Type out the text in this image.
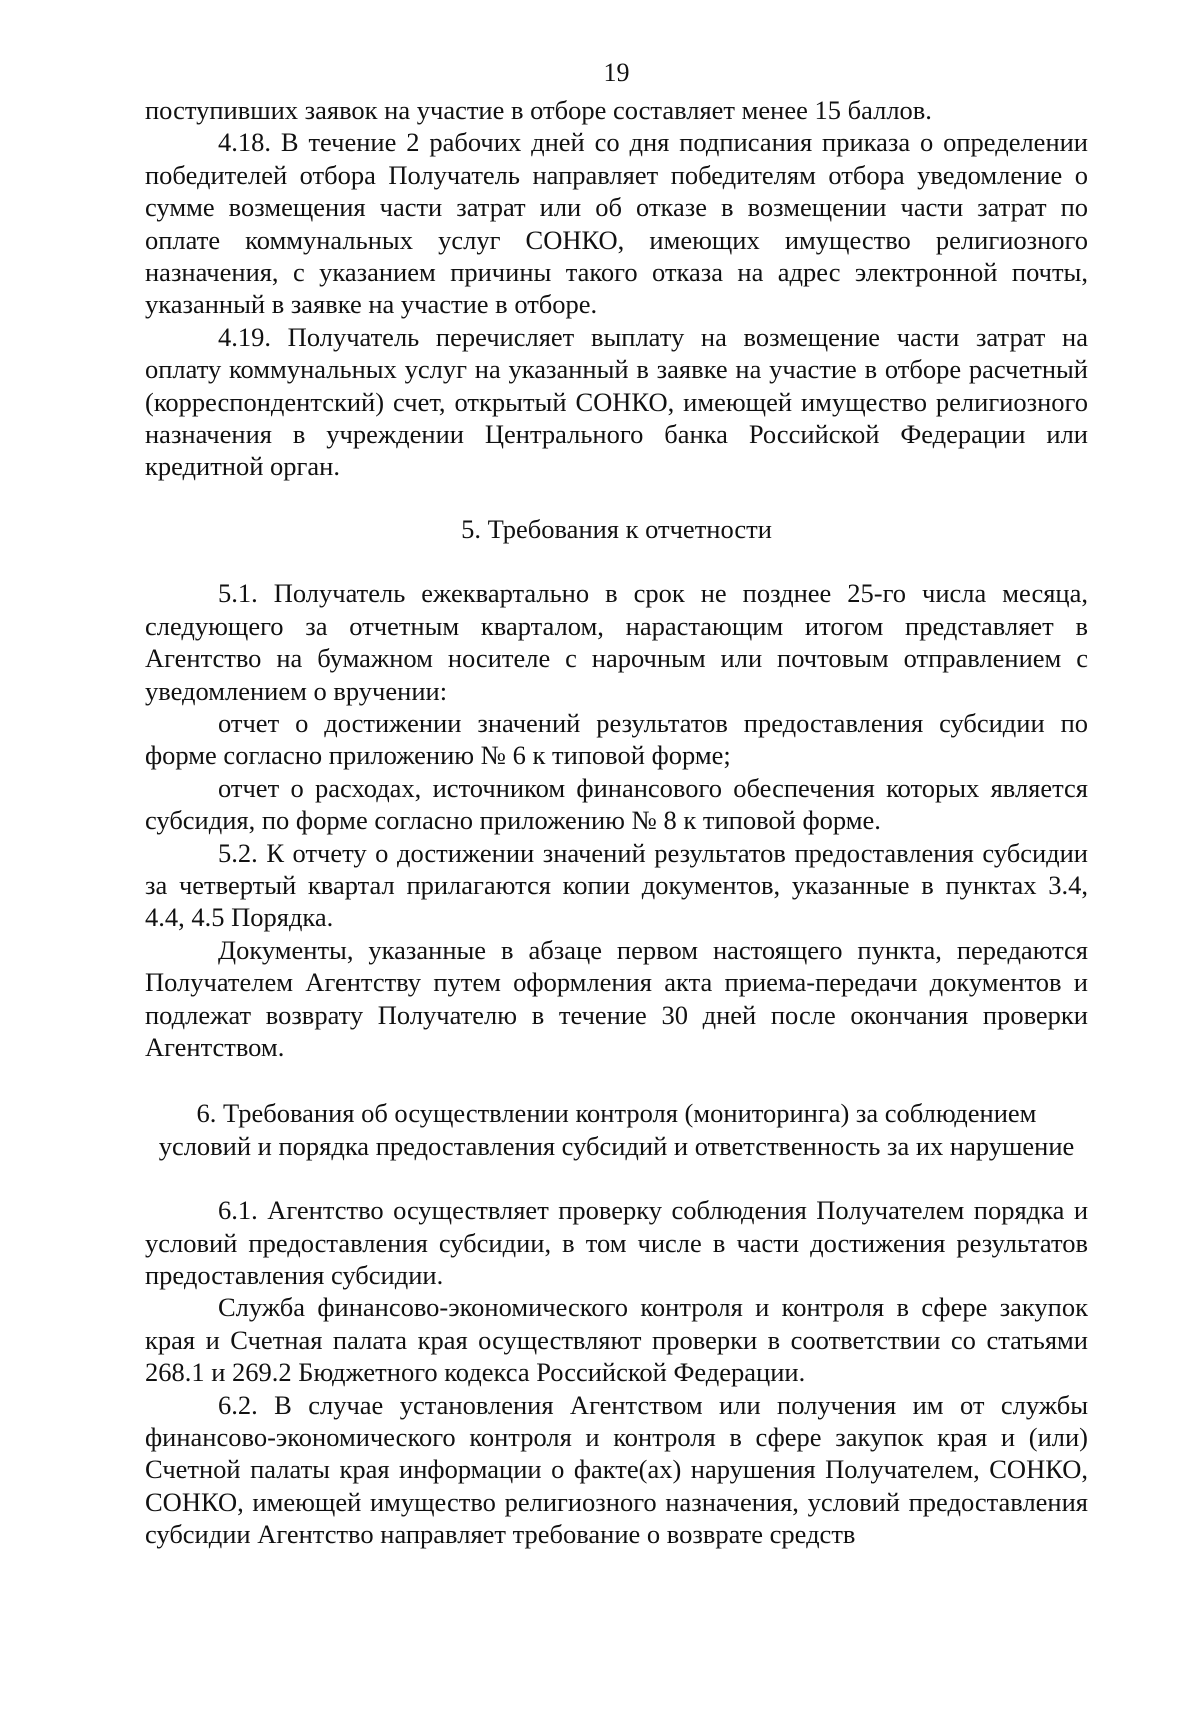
19

поступивших заявок на участие в отборе составляет менее 15 баллов.

4.18. В течение 2 рабочих дней со дня подписания приказа о определении победителей отбора Получатель направляет победителям отбора уведомление о сумме возмещения части затрат или об отказе в возмещении части затрат по оплате коммунальных услуг СОНКО, имеющих имущество религиозного назначения, с указанием причины такого отказа на адрес электронной почты, указанный в заявке на участие в отборе.

4.19. Получатель перечисляет выплату на возмещение части затрат на оплату коммунальных услуг на указанный в заявке на участие в отборе расчетный (корреспондентский) счет, открытый СОНКО, имеющей имущество религиозного назначения в учреждении Центрального банка Российской Федерации или кредитной орган.

5. Требования к отчетности

5.1. Получатель ежеквартально в срок не позднее 25-го числа месяца, следующего за отчетным кварталом, нарастающим итогом представляет в Агентство на бумажном носителе с нарочным или почтовым отправлением с уведомлением о вручении:

отчет о достижении значений результатов предоставления субсидии по форме согласно приложению № 6 к типовой форме;

отчет о расходах, источником финансового обеспечения которых является субсидия, по форме согласно приложению № 8 к типовой форме.

5.2. К отчету о достижении значений результатов предоставления субсидии за четвертый квартал прилагаются копии документов, указанные в пунктах 3.4, 4.4, 4.5 Порядка.

Документы, указанные в абзаце первом настоящего пункта, передаются Получателем Агентству путем оформления акта приема-передачи документов и подлежат возврату Получателю в течение 30 дней после окончания проверки Агентством.

6. Требования об осуществлении контроля (мониторинга) за соблюдением
условий и порядка предоставления субсидий и ответственность за их нарушение

6.1. Агентство осуществляет проверку соблюдения Получателем порядка и условий предоставления субсидии, в том числе в части достижения результатов предоставления субсидии.

Служба финансово-экономического контроля и контроля в сфере закупок края и Счетная палата края осуществляют проверки в соответствии со статьями 268.1 и 269.2 Бюджетного кодекса Российской Федерации.

6.2. В случае установления Агентством или получения им от службы финансово-экономического контроля и контроля в сфере закупок края и (или) Счетной палаты края информации о факте(ах) нарушения Получателем, СОНКО, СОНКО, имеющей имущество религиозного назначения, условий предоставления субсидии Агентство направляет требование о возврате средств
